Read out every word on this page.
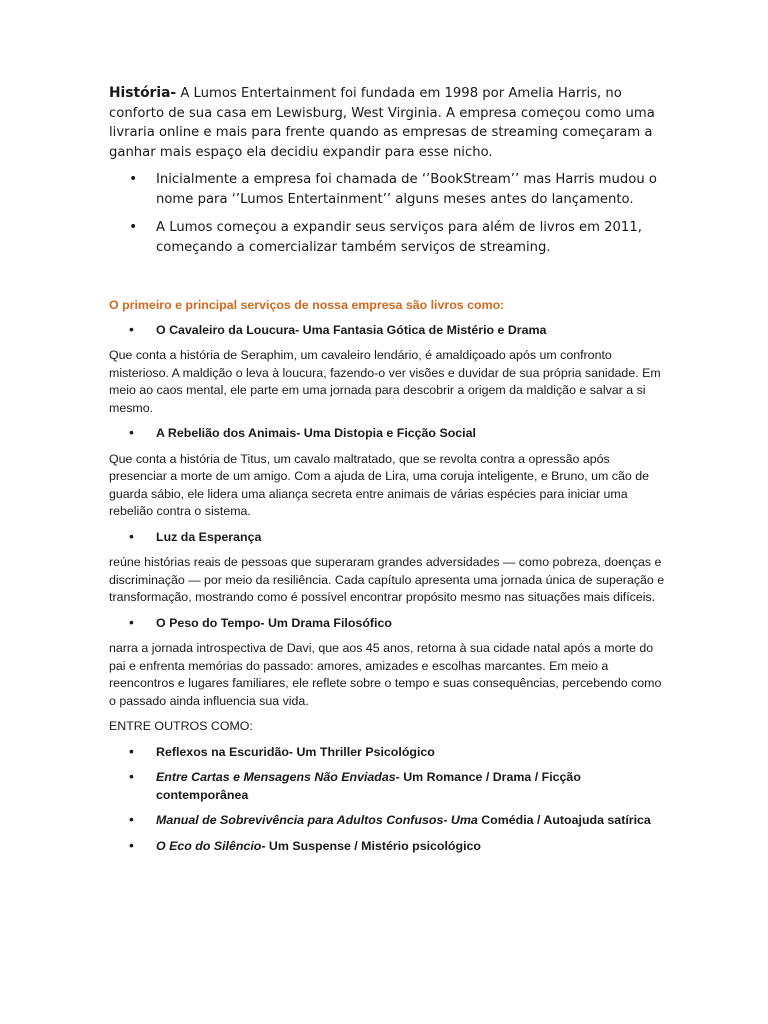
História- A Lumos Entertainment foi fundada em 1998 por Amelia Harris, no conforto de sua casa em Lewisburg, West Virginia. A empresa começou como uma livraria online e mais para frente quando as empresas de streaming começaram a ganhar mais espaço ela decidiu expandir para esse nicho.

• Inicialmente a empresa foi chamada de ‘’BookStream’’ mas Harris mudou o nome para ‘’Lumos Entertainment’’ alguns meses antes do lançamento.
• A Lumos começou a expandir seus serviços para além de livros em 2011, começando a comercializar também serviços de streaming.

O primeiro e principal serviços de nossa empresa são livros como:

• O Cavaleiro da Loucura- Uma Fantasia Gótica de Mistério e Drama

Que conta a história de Seraphim, um cavaleiro lendário, é amaldiçoado após um confronto misterioso. A maldição o leva à loucura, fazendo-o ver visões e duvidar de sua própria sanidade. Em meio ao caos mental, ele parte em uma jornada para descobrir a origem da maldição e salvar a si mesmo.

• A Rebelião dos Animais- Uma Distopia e Ficção Social

Que conta a história de Titus, um cavalo maltratado, que se revolta contra a opressão após presenciar a morte de um amigo. Com a ajuda de Lira, uma coruja inteligente, e Bruno, um cão de guarda sábio, ele lidera uma aliança secreta entre animais de várias espécies para iniciar uma rebelião contra o sistema.

• Luz da Esperança

reúne histórias reais de pessoas que superaram grandes adversidades — como pobreza, doenças e discriminação — por meio da resiliência. Cada capítulo apresenta uma jornada única de superação e transformação, mostrando como é possível encontrar propósito mesmo nas situações mais difíceis.

• O Peso do Tempo- Um Drama Filosófico

narra a jornada introspectiva de Davi, que aos 45 anos, retorna à sua cidade natal após a morte do pai e enfrenta memórias do passado: amores, amizades e escolhas marcantes. Em meio a reencontros e lugares familiares, ele reflete sobre o tempo e suas consequências, percebendo como o passado ainda influencia sua vida.

ENTRE OUTROS COMO:

• Reflexos na Escuridão- Um Thriller Psicológico

• Entre Cartas e Mensagens Não Enviadas- Um Romance / Drama / Ficção contemporânea

• Manual de Sobrevivência para Adultos Confusos- Uma Comédia / Autoajuda satírica

• O Eco do Silêncio- Um Suspense / Mistério psicológico
